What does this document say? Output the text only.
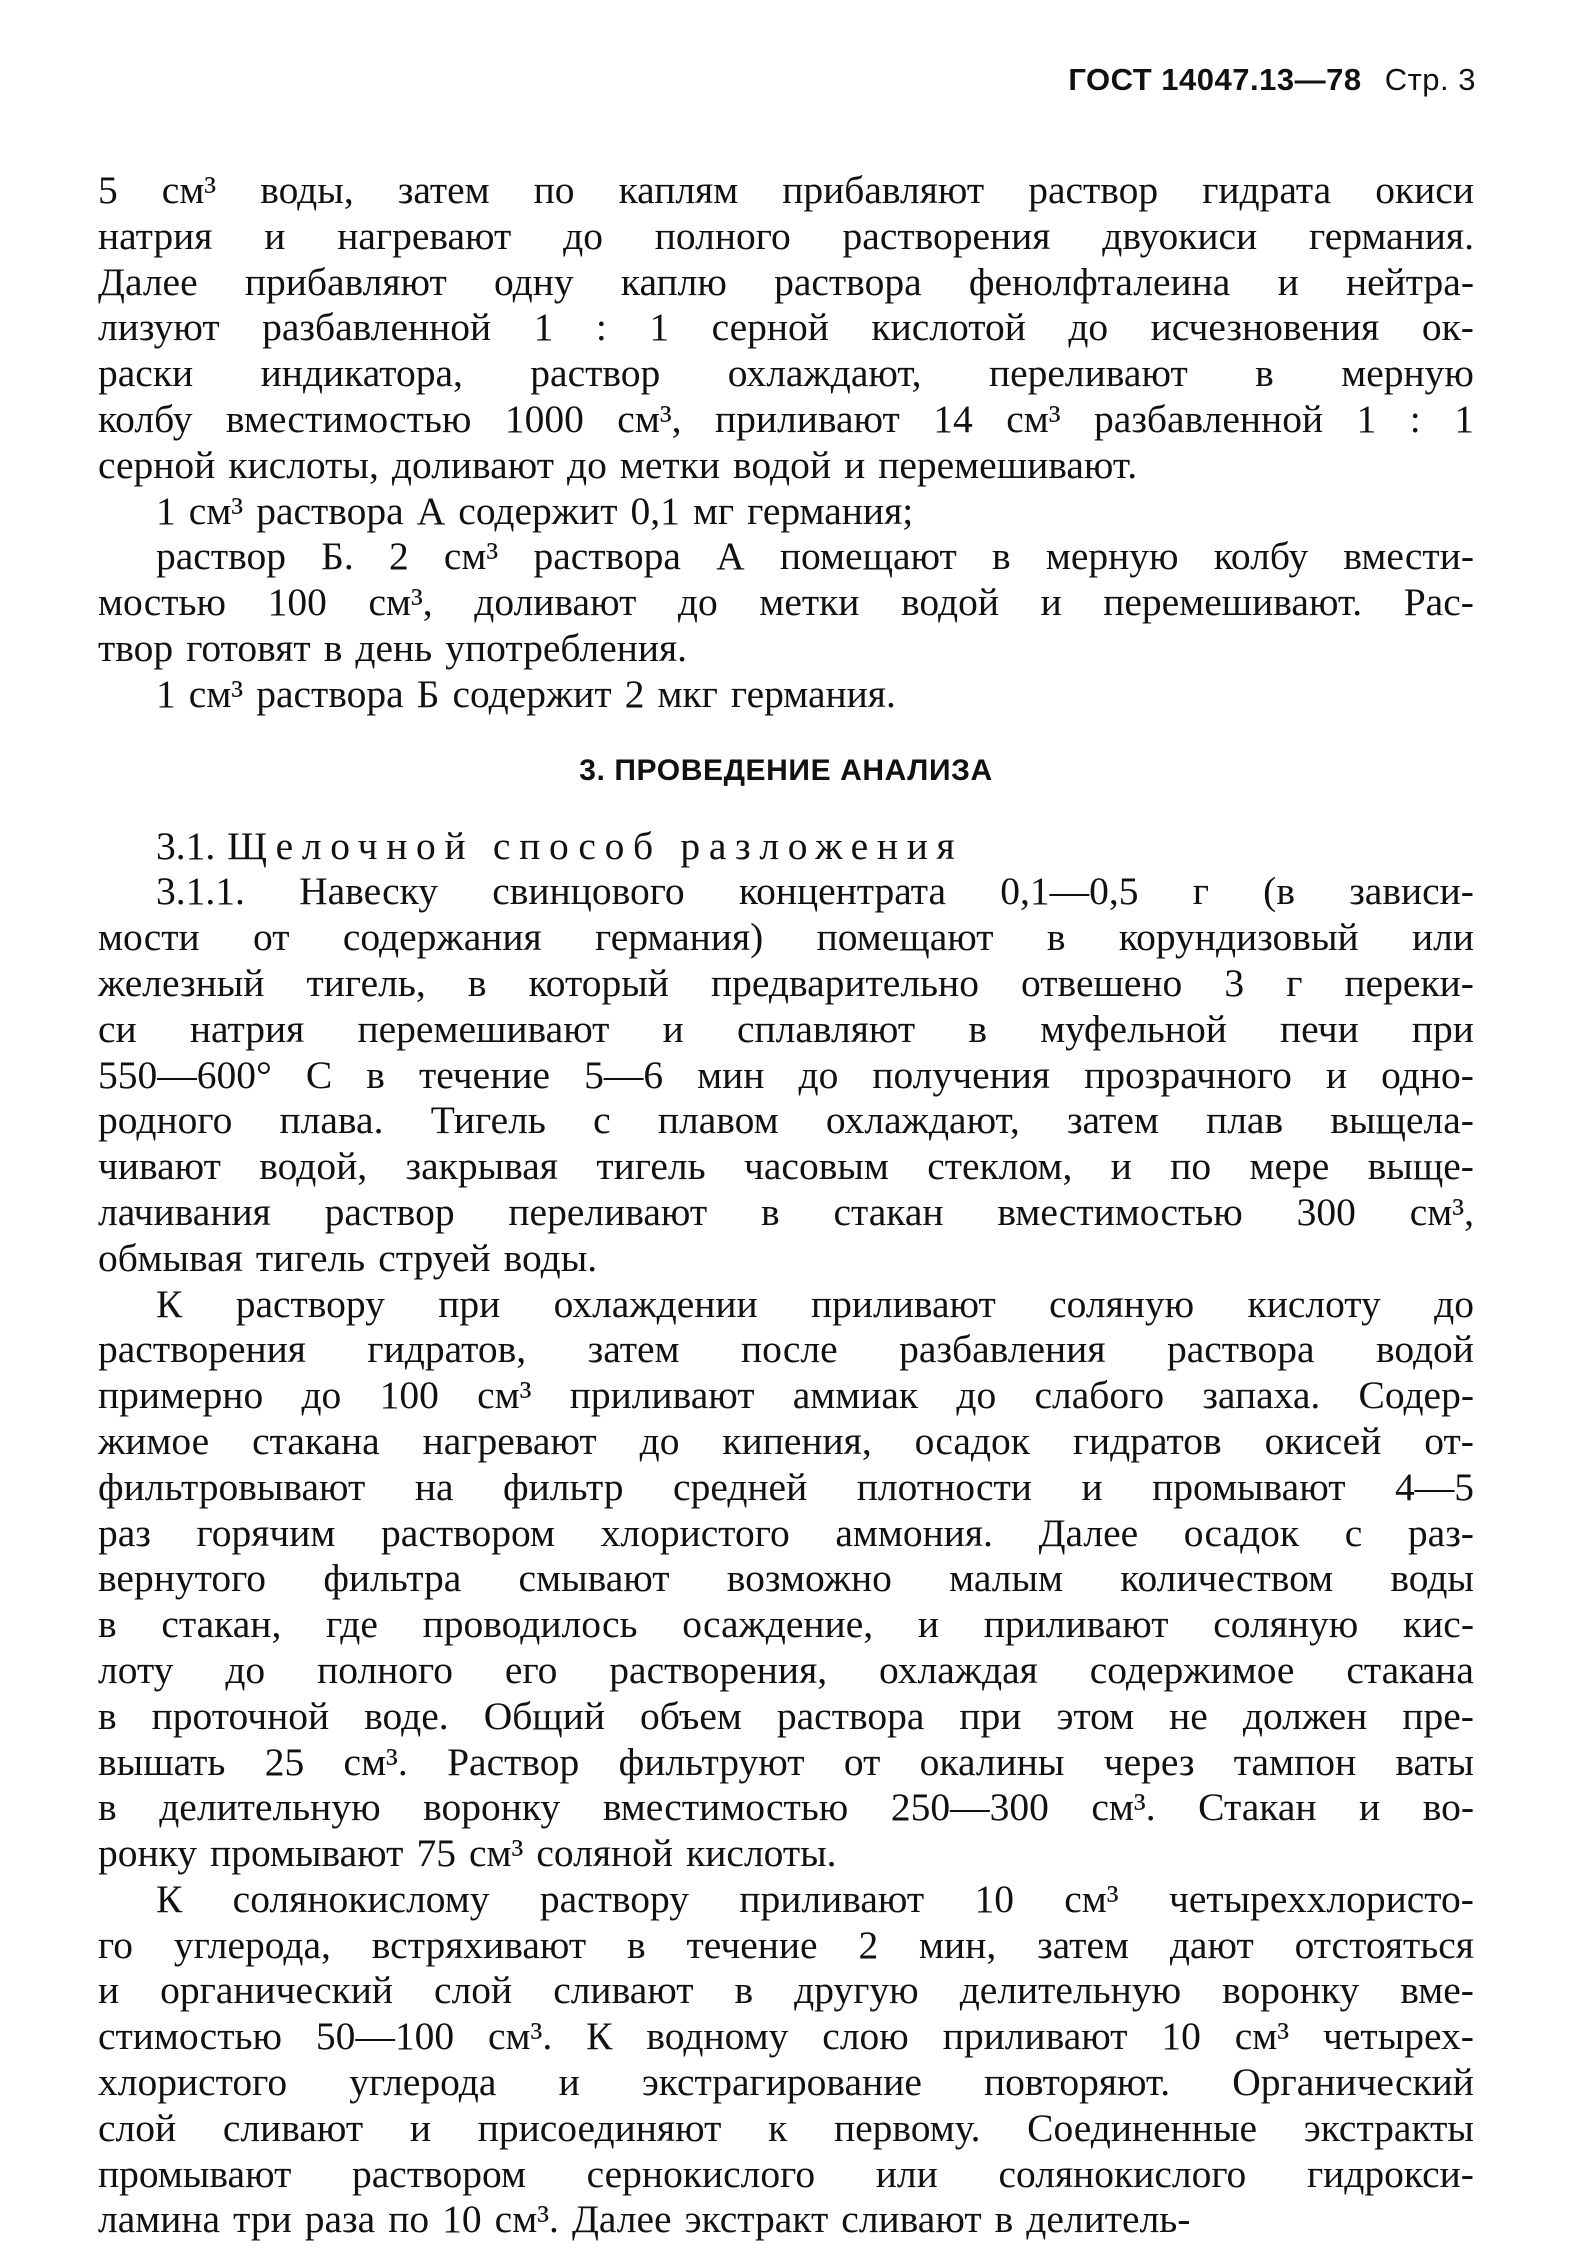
ГОСТ 14047.13—78 Стр. 3
5 см³ воды, затем по каплям прибавляют раствор гидрата окиси
натрия и нагревают до полного растворения двуокиси германия.
Далее прибавляют одну каплю раствора фенолфталеина и нейтра-
лизуют разбавленной 1 : 1 серной кислотой до исчезновения ок-
раски индикатора, раствор охлаждают, переливают в мерную
колбу вместимостью 1000 см³, приливают 14 см³ разбавленной 1 : 1
серной кислоты, доливают до метки водой и перемешивают.
1 см³ раствора А содержит 0,1 мг германия;
раствор Б. 2 см³ раствора А помещают в мерную колбу вмести-
мостью 100 см³, доливают до метки водой и перемешивают. Рас-
твор готовят в день употребления.
1 см³ раствора Б содержит 2 мкг германия.
3. ПРОВЕДЕНИЕ АНАЛИЗА
3.1. Щелочной способ разложения
3.1.1. Навеску свинцового концентрата 0,1—0,5 г (в зависи-
мости от содержания германия) помещают в корундизовый или
железный тигель, в который предварительно отвешено 3 г переки-
си натрия перемешивают и сплавляют в муфельной печи при
550—600° С в течение 5—6 мин до получения прозрачного и одно-
родного плава. Тигель с плавом охлаждают, затем плав выщела-
чивают водой, закрывая тигель часовым стеклом, и по мере выще-
лачивания раствор переливают в стакан вместимостью 300 см³,
обмывая тигель струей воды.
К раствору при охлаждении приливают соляную кислоту до
растворения гидратов, затем после разбавления раствора водой
примерно до 100 см³ приливают аммиак до слабого запаха. Содер-
жимое стакана нагревают до кипения, осадок гидратов окисей от-
фильтровывают на фильтр средней плотности и промывают 4—5
раз горячим раствором хлористого аммония. Далее осадок с раз-
вернутого фильтра смывают возможно малым количеством воды
в стакан, где проводилось осаждение, и приливают соляную кис-
лоту до полного его растворения, охлаждая содержимое стакана
в проточной воде. Общий объем раствора при этом не должен пре-
вышать 25 см³. Раствор фильтруют от окалины через тампон ваты
в делительную воронку вместимостью 250—300 см³. Стакан и во-
ронку промывают 75 см³ соляной кислоты.
К солянокислому раствору приливают 10 см³ четыреххлористо-
го углерода, встряхивают в течение 2 мин, затем дают отстояться
и органический слой сливают в другую делительную воронку вме-
стимостью 50—100 см³. К водному слою приливают 10 см³ четырех-
хлористого углерода и экстрагирование повторяют. Органический
слой сливают и присоединяют к первому. Соединенные экстракты
промывают раствором сернокислого или солянокислого гидрокси-
ламина три раза по 10 см³. Далее экстракт сливают в делитель-
